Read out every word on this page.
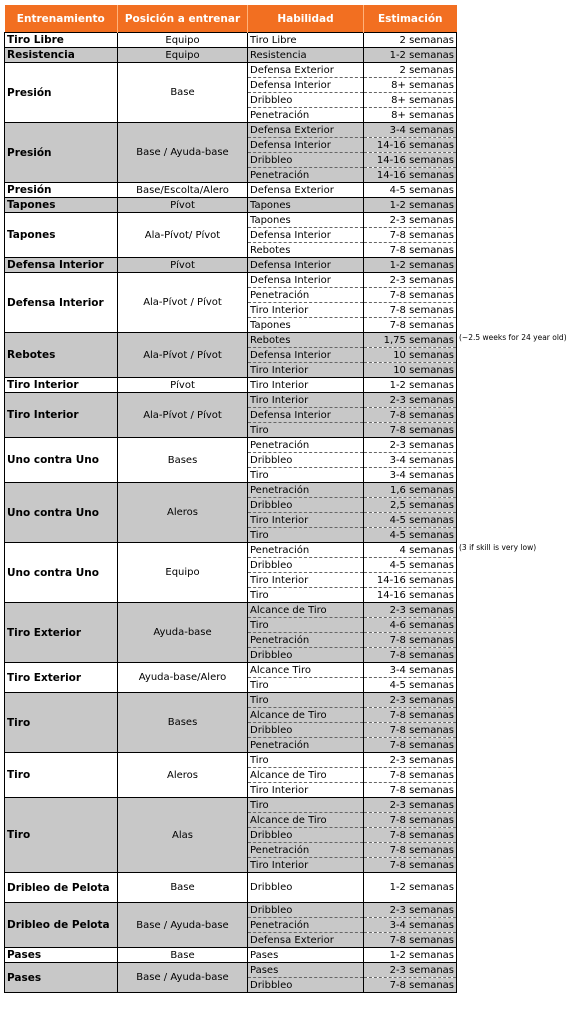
Entrenamiento	Posición a entrenar	Habilidad	Estimación
Tiro Libre	Equipo	Tiro Libre	2 semanas
Resistencia	Equipo	Resistencia	1-2 semanas
Presión	Base	Defensa Exterior	2 semanas
		Defensa Interior	8+ semanas
		Dribbleo	8+ semanas
		Penetración	8+ semanas
Presión	Base / Ayuda-base	Defensa Exterior	3-4 semanas
		Defensa Interior	14-16 semanas
		Dribbleo	14-16 semanas
		Penetración	14-16 semanas
Presión	Base/Escolta/Alero	Defensa Exterior	4-5 semanas
Tapones	Pívot	Tapones	1-2 semanas
Tapones	Ala-Pívot/ Pívot	Tapones	2-3 semanas
		Defensa Interior	7-8 semanas
		Rebotes	7-8 semanas
Defensa Interior	Pívot	Defensa Interior	1-2 semanas
Defensa Interior	Ala-Pívot / Pívot	Defensa Interior	2-3 semanas
		Penetración	7-8 semanas
		Tiro Interior	7-8 semanas
		Tapones	7-8 semanas
Rebotes	Ala-Pívot / Pívot	Rebotes	1,75 semanas (~2.5 weeks for 24 year old)

		Defensa Interior	10 semanas
		Tiro Interior	10 semanas
Tiro Interior	Pívot	Tiro Interior	1-2 semanas
Tiro Interior	Ala-Pívot / Pívot	Tiro Interior	2-3 semanas
		Defensa Interior	7-8 semanas
		Tiro	7-8 semanas
Uno contra Uno	Bases	Penetración	2-3 semanas
		Dribbleo	3-4 semanas
		Tiro	3-4 semanas
Uno contra Uno	Aleros	Penetración	1,6 semanas
		Dribbleo	2,5 semanas
		Tiro Interior	4-5 semanas
		Tiro	4-5 semanas
Uno contra Uno	Equipo	Penetración	4 semanas (3 if skill is very low)

		Dribbleo	4-5 semanas
		Tiro Interior	14-16 semanas
		Tiro	14-16 semanas
Tiro Exterior	Ayuda-base	Alcance de Tiro	2-3 semanas
		Tiro	4-6 semanas
		Penetración	7-8 semanas
		Dribbleo	7-8 semanas
Tiro Exterior	Ayuda-base/Alero	Alcance Tiro	3-4 semanas
		Tiro	4-5 semanas
Tiro	Bases	Tiro	2-3 semanas
		Alcance de Tiro	7-8 semanas
		Dribbleo	7-8 semanas
		Penetración	7-8 semanas
Tiro	Aleros	Tiro	2-3 semanas
		Alcance de Tiro	7-8 semanas
		Tiro Interior	7-8 semanas
Tiro	Alas	Tiro	2-3 semanas
		Alcance de Tiro	7-8 semanas
		Dribbleo	7-8 semanas
		Penetración	7-8 semanas
		Tiro Interior	7-8 semanas
Dribleo de Pelota	Base	Dribbleo	1-2 semanas
Dribleo de Pelota	Base / Ayuda-base	Dribbleo	2-3 semanas
		Penetración	3-4 semanas
		Defensa Exterior	7-8 semanas
Pases	Base	Pases	1-2 semanas
Pases	Base / Ayuda-base	Pases	2-3 semanas
		Dribbleo	7-8 semanas
